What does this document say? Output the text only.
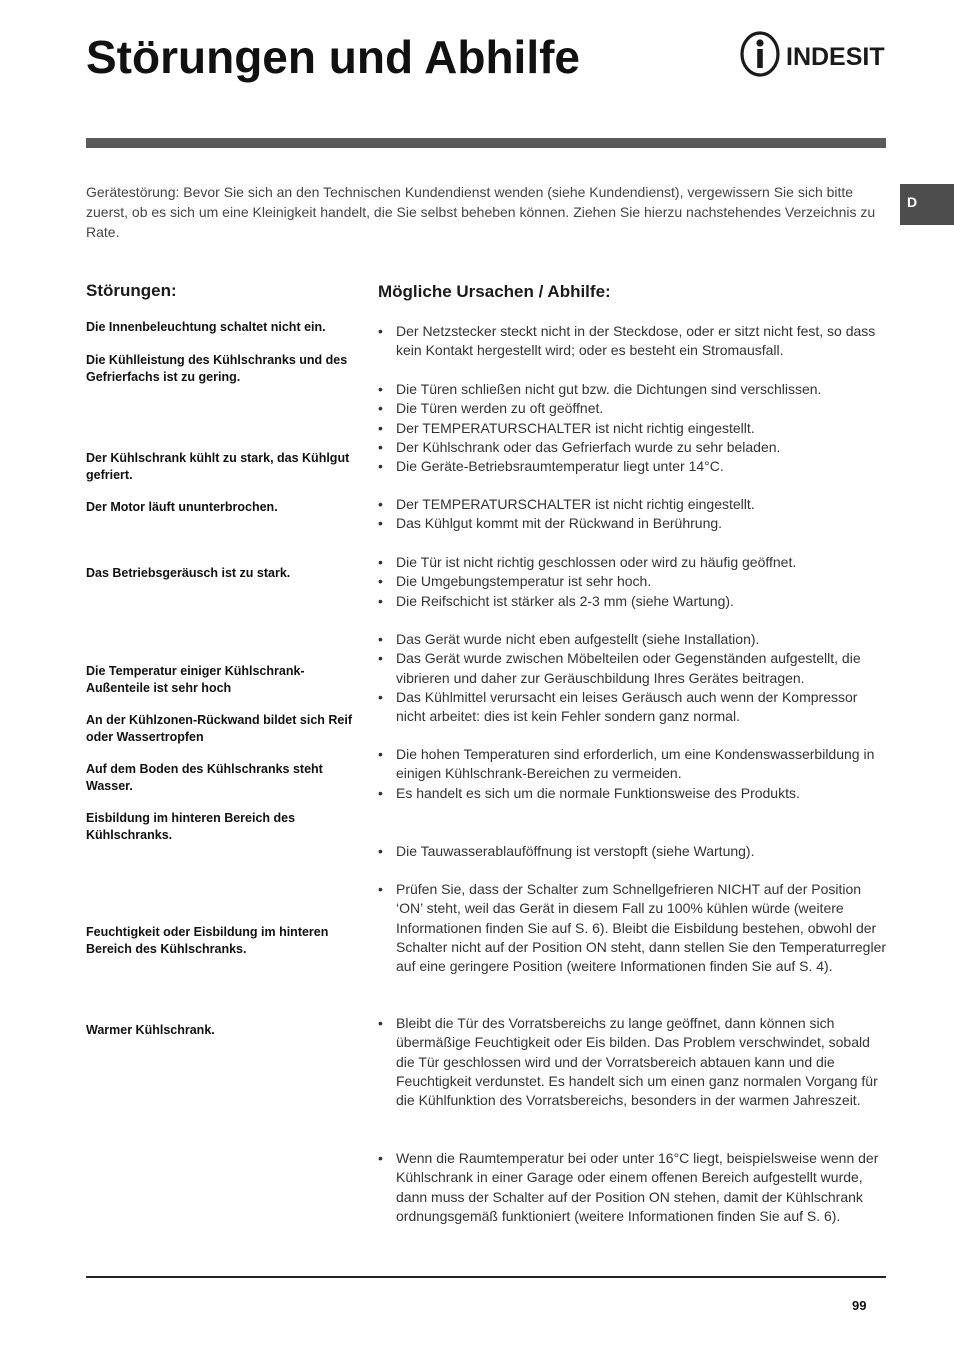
Störungen und Abhilfe	INDESIT
D

Gerätestörung: Bevor Sie sich an den Technischen Kundendienst wenden (siehe Kundendienst), vergewissern Sie sich bitte zuerst, ob es sich um eine Kleinigkeit handelt, die Sie selbst beheben können. Ziehen Sie hierzu nachstehendes Verzeichnis zu Rate.

Störungen:	Mögliche Ursachen / Abhilfe:

Die Innenbeleuchtung schaltet nicht ein.

Die Kühlleistung des Kühlschranks und des Gefrierfachs ist zu gering.

Der Kühlschrank kühlt zu stark, das Kühlgut gefriert.

Der Motor läuft ununterbrochen.

Das Betriebsgeräusch ist zu stark.

Die Temperatur einiger Kühlschrank-Außenteile ist sehr hoch

An der Kühlzonen-Rückwand bildet sich Reif oder Wassertropfen

Auf dem Boden des Kühlschranks steht Wasser.

Eisbildung im hinteren Bereich des Kühlschranks.

Feuchtigkeit oder Eisbildung im hinteren Bereich des Kühlschranks.

Warmer Kühlschrank.

• Der Netzstecker steckt nicht in der Steckdose, oder er sitzt nicht fest, so dass kein Kontakt hergestellt wird; oder es besteht ein Stromausfall.
• Die Türen schließen nicht gut bzw. die Dichtungen sind verschlissen.
• Die Türen werden zu oft geöffnet.
• Der TEMPERATURSCHALTER ist nicht richtig eingestellt.
• Der Kühlschrank oder das Gefrierfach wurde zu sehr beladen.
• Die Geräte-Betriebsraumtemperatur liegt unter 14°C.
• Der TEMPERATURSCHALTER ist nicht richtig eingestellt.
• Das Kühlgut kommt mit der Rückwand in Berührung.
• Die Tür ist nicht richtig geschlossen oder wird zu häufig geöffnet.
• Die Umgebungstemperatur ist sehr hoch.
• Die Reifschicht ist stärker als 2-3 mm (siehe Wartung).
• Das Gerät wurde nicht eben aufgestellt (siehe Installation).
• Das Gerät wurde zwischen Möbelteilen oder Gegenständen aufgestellt, die vibrieren und daher zur Geräuschbildung Ihres Gerätes beitragen.
• Das Kühlmittel verursacht ein leises Geräusch auch wenn der Kompressor nicht arbeitet: dies ist kein Fehler sondern ganz normal.
• Die hohen Temperaturen sind erforderlich, um eine Kondenswasserbildung in einigen Kühlschrank-Bereichen zu vermeiden.
• Es handelt es sich um die normale Funktionsweise des Produkts.
• Die Tauwasserablauföffnung ist verstopft (siehe Wartung).
• Prüfen Sie, dass der Schalter zum Schnellgefrieren NICHT auf der Position ‘ON’ steht, weil das Gerät in diesem Fall zu 100% kühlen würde (weitere Informationen finden Sie auf S. 6). Bleibt die Eisbildung bestehen, obwohl der Schalter nicht auf der Position ON steht, dann stellen Sie den Temperaturregler auf eine geringere Position (weitere Informationen finden Sie auf S. 4).
• Bleibt die Tür des Vorratsbereichs zu lange geöffnet, dann können sich übermäßige Feuchtigkeit oder Eis bilden. Das Problem verschwindet, sobald die Tür geschlossen wird und der Vorratsbereich abtauen kann und die Feuchtigkeit verdunstet. Es handelt sich um einen ganz normalen Vorgang für die Kühlfunktion des Vorratsbereichs, besonders in der warmen Jahreszeit.
• Wenn die Raumtemperatur bei oder unter 16°C liegt, beispielsweise wenn der Kühlschrank in einer Garage oder einem offenen Bereich aufgestellt wurde, dann muss der Schalter auf der Position ON stehen, damit der Kühlschrank ordnungsgemäß funktioniert (weitere Informationen finden Sie auf S. 6).

99
